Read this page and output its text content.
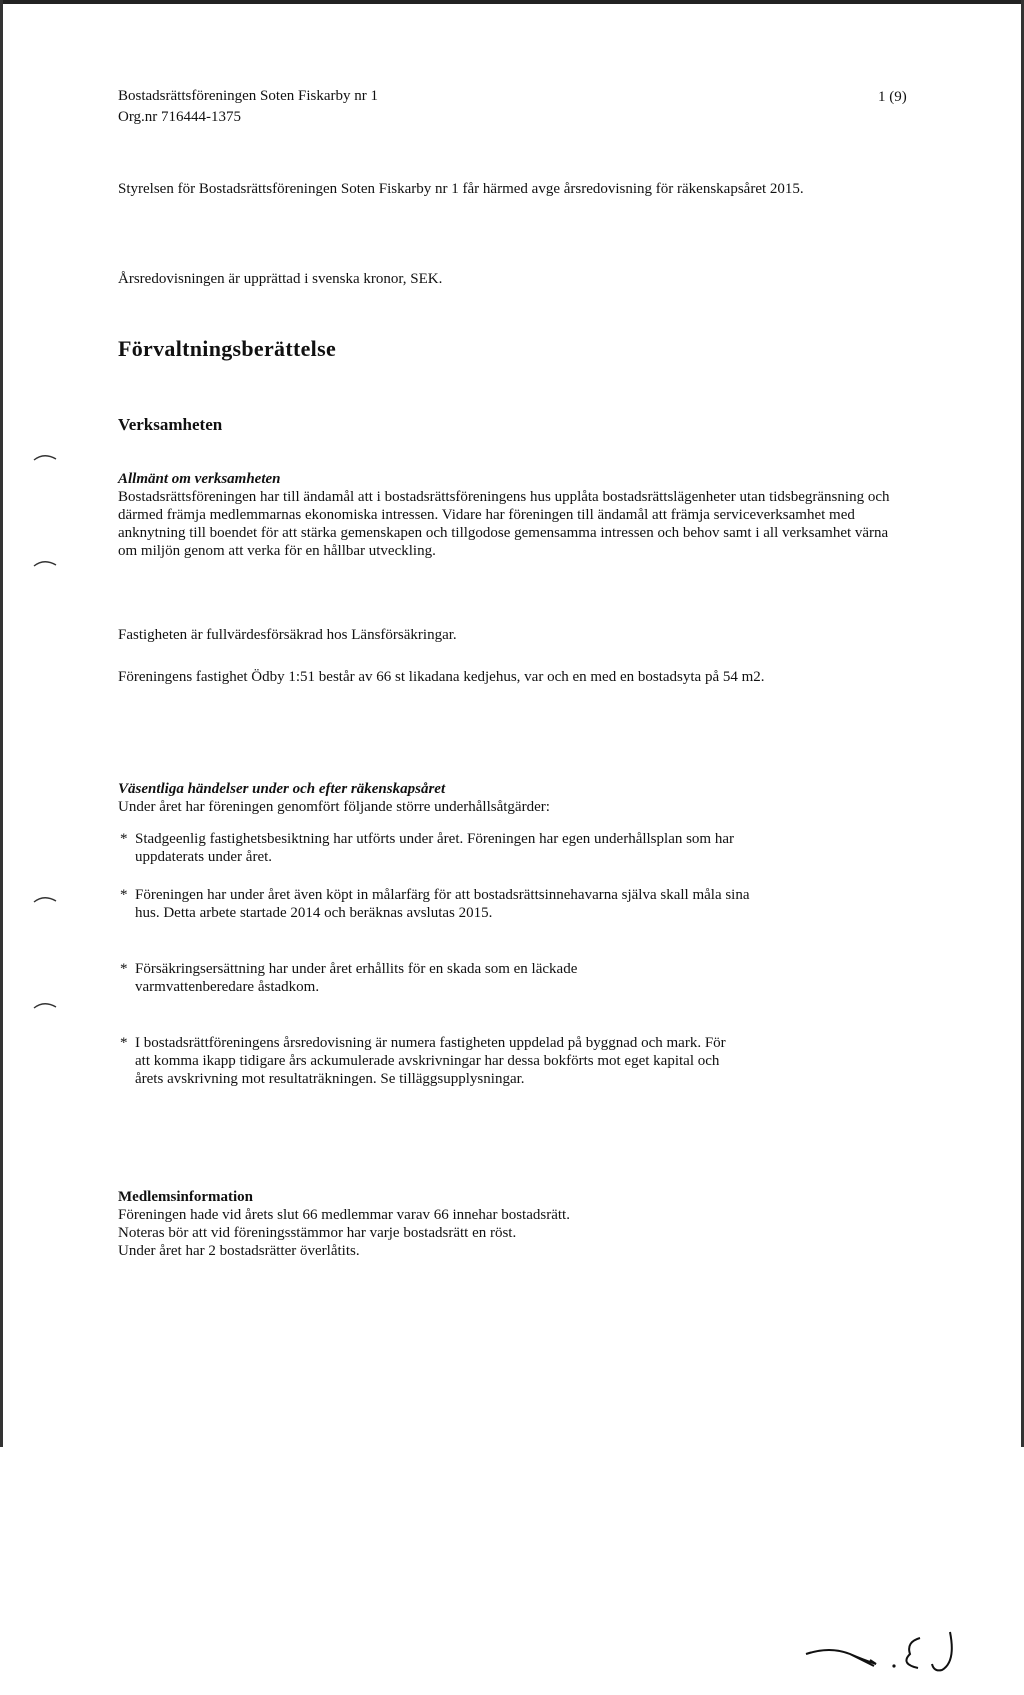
Bostadsrättsföreningen Soten Fiskarby nr 1
Org.nr 716444-1375
1 (9)
Styrelsen för Bostadsrättsföreningen Soten Fiskarby nr 1 får härmed avge årsredovisning för räkenskapsåret 2015.
Årsredovisningen är upprättad i svenska kronor, SEK.
Förvaltningsberättelse
Verksamheten
Allmänt om verksamheten
Bostadsrättsföreningen har till ändamål att i bostadsrättsföreningens hus upplåta bostadsrättslägenheter utan tidsbegränsning och därmed främja medlemmarnas ekonomiska intressen. Vidare har föreningen till ändamål att främja serviceverksamhet med anknytning till boendet för att stärka gemenskapen och tillgodose gemensamma intressen och behov samt i all verksamhet värna om miljön genom att verka för en hållbar utveckling.
Fastigheten är fullvärdesförsäkrad hos Länsförsäkringar.
Föreningens fastighet Ödby 1:51 består av 66 st likadana kedjehus, var och en med en bostadsyta på 54 m2.
Väsentliga händelser under och efter räkenskapsåret
Under året har föreningen genomfört följande större underhållsåtgärder:
* Stadgeenlig fastighetsbesiktning har utförts under året. Föreningen har egen underhållsplan som har uppdaterats under året.
* Föreningen har under året även köpt in målarfärg för att bostadsrättsinnehavarna själva skall måla sina hus. Detta arbete startade 2014 och beräknas avslutas 2015.
* Försäkringsersättning har under året erhållits för en skada som en läckade varmvattenberedare åstadkom.
* I bostadsrättföreningens årsredovisning är numera fastigheten uppdelad på byggnad och mark. För att komma ikapp tidigare års ackumulerade avskrivningar har dessa bokförts mot eget kapital och årets avskrivning mot resultaträkningen. Se tilläggsupplysningar.
Medlemsinformation
Föreningen hade vid årets slut 66 medlemmar varav 66 innehar bostadsrätt.
Noteras bör att vid föreningsstämmor har varje bostadsrätt en röst.
Under året har 2 bostadsrätter överlåtits.
